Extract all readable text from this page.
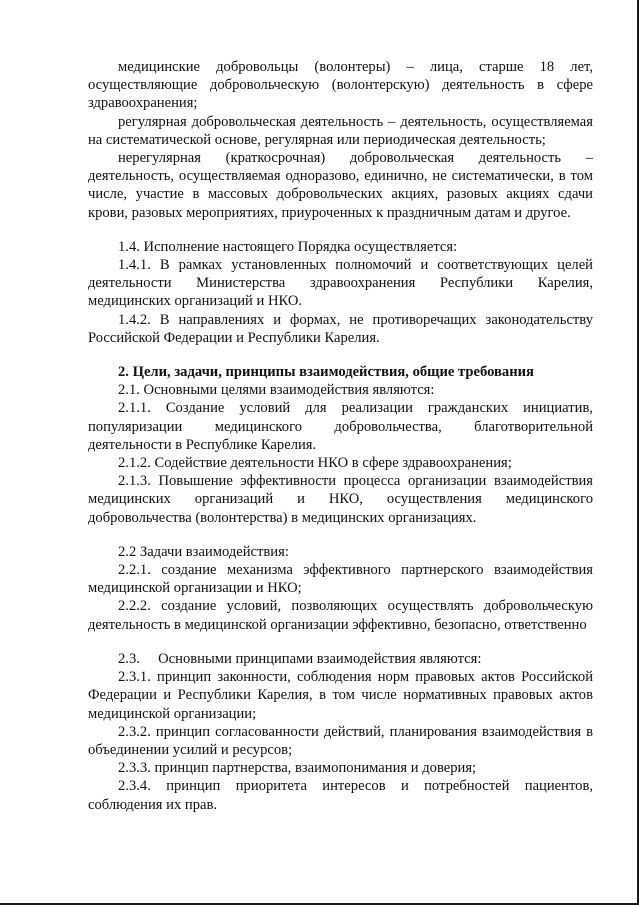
медицинские добровольцы (волонтеры) – лица, старше 18 лет, осуществляющие добровольческую (волонтерскую) деятельность в сфере здравоохранения;

регулярная добровольческая деятельность – деятельность, осуществляемая на систематической основе, регулярная или периодическая деятельность;

нерегулярная (краткосрочная) добровольческая деятельность – деятельность, осуществляемая одноразово, единично, не систематически, в том числе, участие в массовых добровольческих акциях, разовых акциях сдачи крови, разовых мероприятиях, приуроченных к праздничным датам и другое.

1.4. Исполнение настоящего Порядка осуществляется:

1.4.1. В рамках установленных полномочий и соответствующих целей деятельности Министерства здравоохранения Республики Карелия, медицинских организаций и НКО.

1.4.2. В направлениях и формах, не противоречащих законодательству Российской Федерации и Республики Карелия.

2. Цели, задачи, принципы взаимодействия, общие требования

2.1. Основными целями взаимодействия являются:

2.1.1. Создание условий для реализации гражданских инициатив, популяризации медицинского добровольчества, благотворительной деятельности в Республике Карелия.

2.1.2. Содействие деятельности НКО в сфере здравоохранения;

2.1.3. Повышение эффективности процесса организации взаимодействия медицинских организаций и НКО, осуществления медицинского добровольчества (волонтерства) в медицинских организациях.

2.2 Задачи взаимодействия:

2.2.1. создание механизма эффективного партнерского взаимодействия медицинской организации и НКО;

2.2.2. создание условий, позволяющих осуществлять добровольческую деятельность в медицинской организации эффективно, безопасно, ответственно

2.3.     Основными принципами взаимодействия являются:

2.3.1. принцип законности, соблюдения норм правовых актов Российской Федерации и Республики Карелия, в том числе нормативных правовых актов медицинской организации;

2.3.2. принцип согласованности действий, планирования взаимодействия в объединении усилий и ресурсов;

2.3.3. принцип партнерства, взаимопонимания и доверия;

2.3.4. принцип приоритета интересов и потребностей пациентов, соблюдения их прав.
